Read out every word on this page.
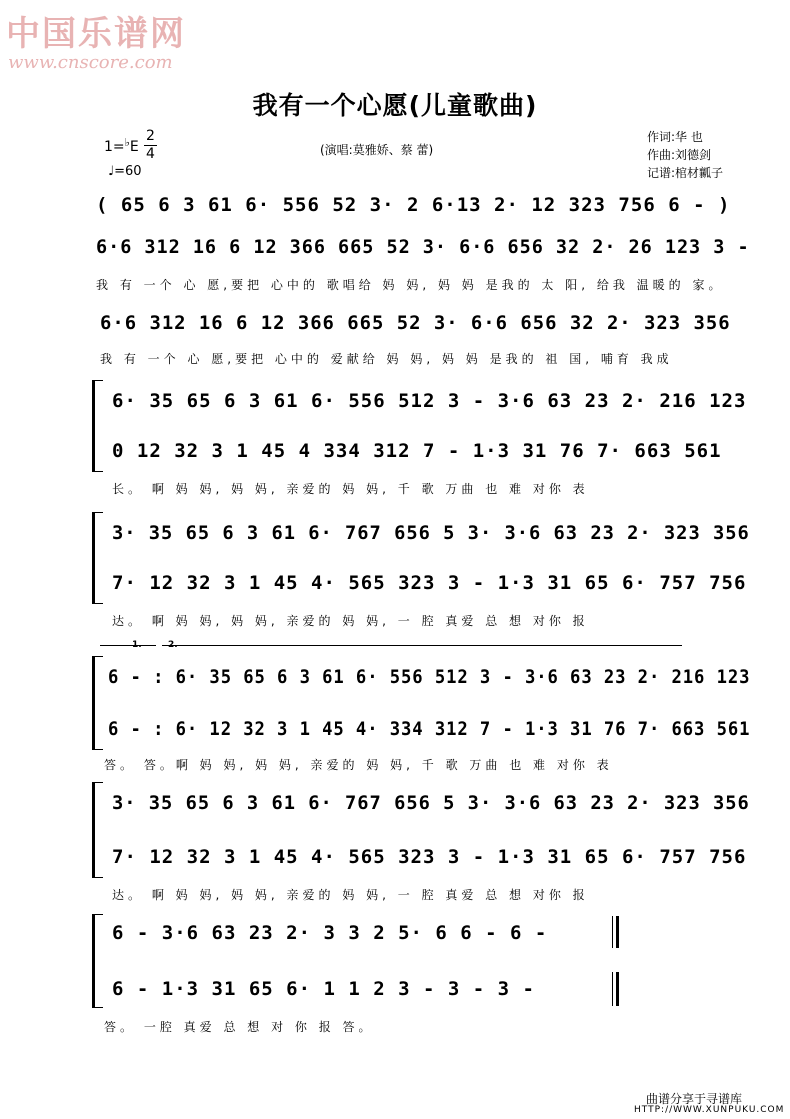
中国乐谱网
www.cnscore.com
我有一个心愿(儿童歌曲)
1=♭E
2
4
♩=60
(演唱:莫雅娇、蔡 蕾)
作词:华 也
作曲:刘德剑
记谱:棺材瓤子
( 65 6 3 61 6· 556 52 3· 2 6·13 2· 12 323 756 6 - )
6·6 312 16 6 12 366 665 52 3· 6·6 656 32 2· 26 123 3 -
我 有 一个 心 愿,要把 心中的 歌唱给 妈 妈, 妈 妈 是我的 太 阳, 给我 温暖的 家。
6·6 312 16 6 12 366 665 52 3· 6·6 656 32 2· 323 356
我 有 一个 心 愿,要把 心中的 爱献给 妈 妈, 妈 妈 是我的 祖 国, 哺育 我成
6· 35 65 6 3 61 6· 556 512 3 - 3·6 63 23 2· 216 123
0 12 32 3 1 45 4 334 312 7 - 1·3 31 76 7· 663 561
长。 啊 妈 妈, 妈 妈, 亲爱的 妈 妈, 千 歌 万曲 也 难 对你 表
3· 35 65 6 3 61 6· 767 656 5 3· 3·6 63 23 2· 323 356
7· 12 32 3 1 45 4· 565 323 3 - 1·3 31 65 6· 757 756
达。 啊 妈 妈, 妈 妈, 亲爱的 妈 妈, 一 腔 真爱 总 想 对你 报
1.	2.
6 - : 6· 35 65 6 3 61 6· 556 512 3 - 3·6 63 23 2· 216 123
6 - : 6· 12 32 3 1 45 4· 334 312 7 - 1·3 31 76 7· 663 561
答。 答。啊 妈 妈, 妈 妈, 亲爱的 妈 妈, 千 歌 万曲 也 难 对你 表
3· 35 65 6 3 61 6· 767 656 5 3· 3·6 63 23 2· 323 356
7· 12 32 3 1 45 4· 565 323 3 - 1·3 31 65 6· 757 756
达。 啊 妈 妈, 妈 妈, 亲爱的 妈 妈, 一 腔 真爱 总 想 对你 报
6 - 3·6 63 23 2· 3 3 2 5· 6 6 - 6 -
6 - 1·3 31 65 6· 1 1 2 3 - 3 - 3 -
答。 一腔 真爱 总 想 对 你 报 答。
曲谱分享于寻谱库
HTTP://WWW.XUNPUKU.COM
